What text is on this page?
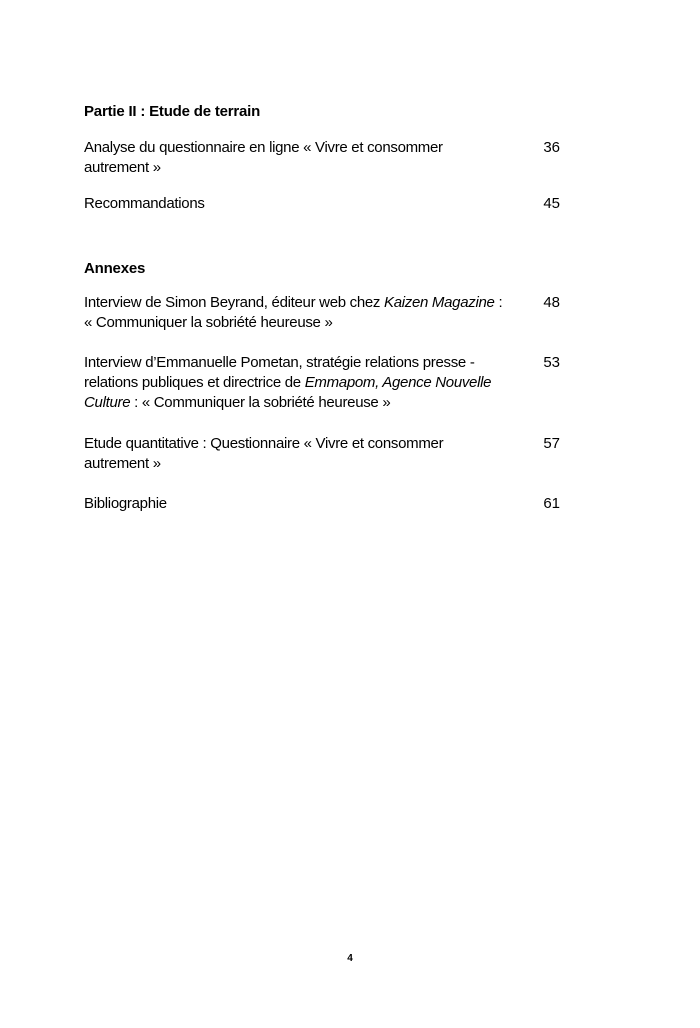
Partie II : Etude de terrain
Analyse du questionnaire en ligne « Vivre et consommer autrement »
36
Recommandations	45
Annexes
Interview de Simon Beyrand, éditeur web chez Kaizen Magazine : « Communiquer la sobriété heureuse »
48
Interview d’Emmanuelle Pometan, stratégie relations presse - relations publiques et directrice de Emmapom, Agence Nouvelle Culture : « Communiquer la sobriété heureuse »
53
Etude quantitative : Questionnaire « Vivre et consommer autrement »
57
Bibliographie	61
4
